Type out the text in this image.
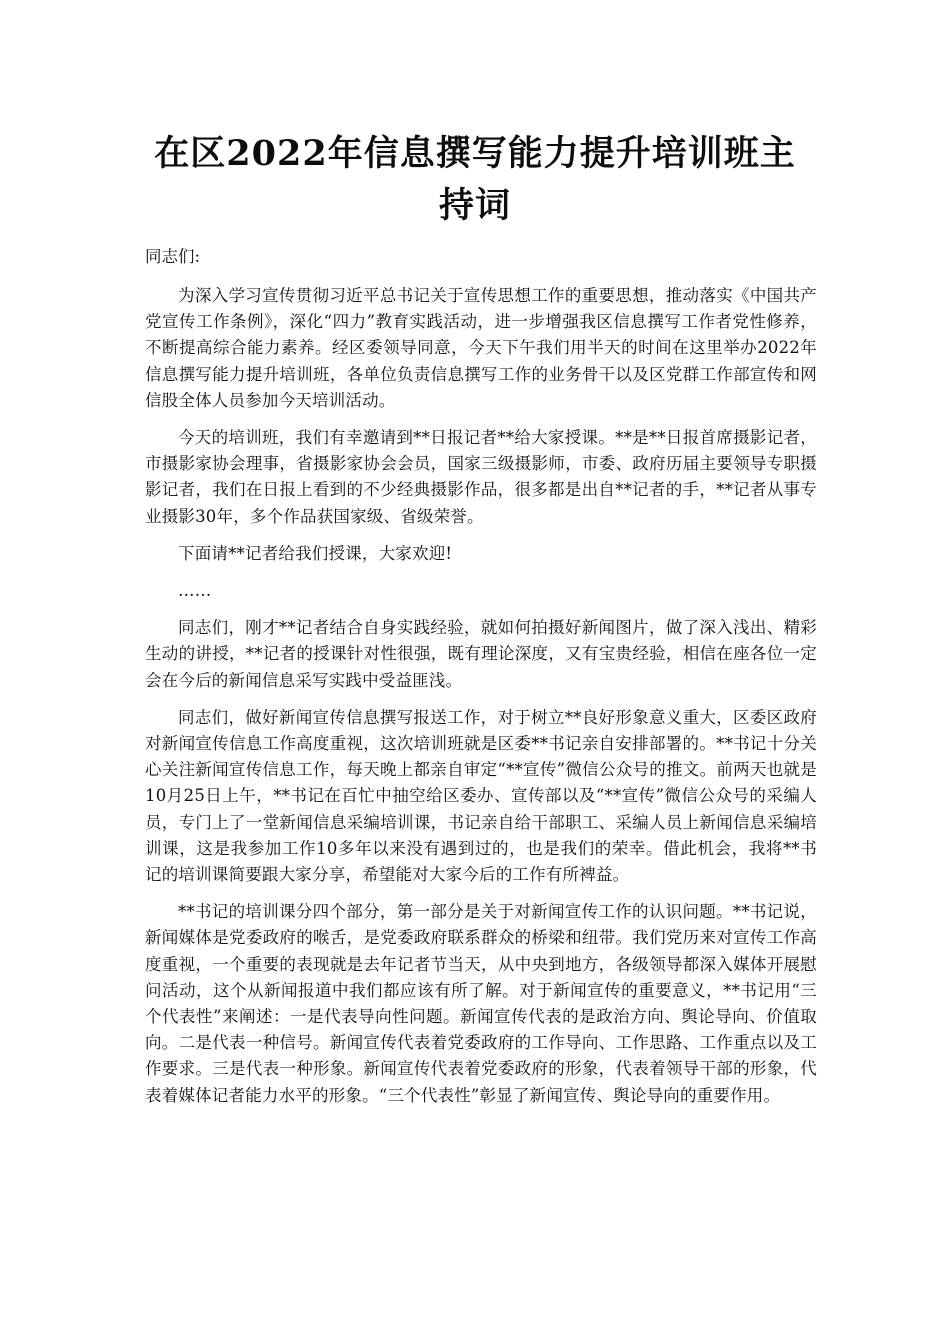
在区2022年信息撰写能力提升培训班主持词

同志们:

为深入学习宣传贯彻习近平总书记关于宣传思想工作的重要思想，推动落实《中国共产党宣传工作条例》，深化“四力”教育实践活动，进一步增强我区信息撰写工作者党性修养，不断提高综合能力素养。经区委领导同意，今天下午我们用半天的时间在这里举办2022年信息撰写能力提升培训班，各单位负责信息撰写工作的业务骨干以及区党群工作部宣传和网信股全体人员参加今天培训活动。

今天的培训班，我们有幸邀请到**日报记者**给大家授课。**是**日报首席摄影记者，市摄影家协会理事，省摄影家协会会员，国家三级摄影师，市委、政府历届主要领导专职摄影记者，我们在日报上看到的不少经典摄影作品，很多都是出自**记者的手，**记者从事专业摄影30年，多个作品获国家级、省级荣誉。

下面请**记者给我们授课，大家欢迎!

……

同志们，刚才**记者结合自身实践经验，就如何拍摄好新闻图片，做了深入浅出、精彩生动的讲授，**记者的授课针对性很强，既有理论深度，又有宝贵经验，相信在座各位一定会在今后的新闻信息采写实践中受益匪浅。

同志们，做好新闻宣传信息撰写报送工作，对于树立**良好形象意义重大，区委区政府对新闻宣传信息工作高度重视，这次培训班就是区委**书记亲自安排部署的。**书记十分关心关注新闻宣传信息工作，每天晚上都亲自审定“**宣传”微信公众号的推文。前两天也就是10月25日上午，**书记在百忙中抽空给区委办、宣传部以及“**宣传”微信公众号的采编人员，专门上了一堂新闻信息采编培训课，书记亲自给干部职工、采编人员上新闻信息采编培训课，这是我参加工作10多年以来没有遇到过的，也是我们的荣幸。借此机会，我将**书记的培训课简要跟大家分享，希望能对大家今后的工作有所裨益。

**书记的培训课分四个部分，第一部分是关于对新闻宣传工作的认识问题。**书记说，新闻媒体是党委政府的喉舌，是党委政府联系群众的桥梁和纽带。我们党历来对宣传工作高度重视，一个重要的表现就是去年记者节当天，从中央到地方，各级领导都深入媒体开展慰问活动，这个从新闻报道中我们都应该有所了解。对于新闻宣传的重要意义，**书记用“三个代表性”来阐述：一是代表导向性问题。新闻宣传代表的是政治方向、舆论导向、价值取向。二是代表一种信号。新闻宣传代表着党委政府的工作导向、工作思路、工作重点以及工作要求。三是代表一种形象。新闻宣传代表着党委政府的形象，代表着领导干部的形象，代表着媒体记者能力水平的形象。“三个代表性”彰显了新闻宣传、舆论导向的重要作用。
